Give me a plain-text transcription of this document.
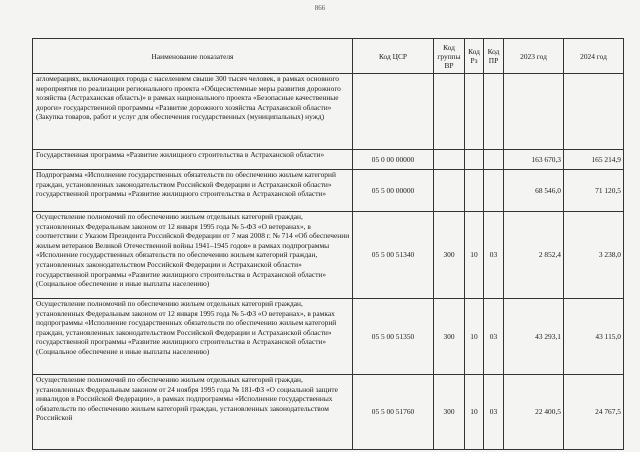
866
Наименование показателя	Код ЦСР	Код группы ВР	Код Рз	Код ПР	2023 год	2024 год
агломерациях, включающих города с населением свыше 300 тысяч человек, в рамках основного мероприятия по реализации регионального проекта «Общесистемные меры развития дорожного хозяйства (Астраханская область)» в рамках национального проекта «Безопасные качественные дороги» государственной программы «Развитие дорожного хозяйства Астраханской области» (Закупка товаров, работ и услуг для обеспечения государственных (муниципальных) нужд)						
Государственная программа «Развитие жилищного строительства в Астраханской области»	05 0 00 00000				163 670,3	165 214,9
Подпрограмма «Исполнение государственных обязательств по обеспечению жильем категорий граждан, установленных законодательством Российской Федерации и Астраханской области» государственной программы «Развитие жилищного строительства в Астраханской области»	05 5 00 00000				68 546,0	71 120,5
Осуществление полномочий по обеспечению жильем отдельных категорий граждан, установленных Федеральным законом от 12 января 1995 года № 5-ФЗ «О ветеранах», в соответствии с Указом Президента Российской Федерации от 7 мая 2008 г. № 714 «Об обеспечении жильем ветеранов Великой Отечественной войны 1941–1945 годов» в рамках подпрограммы «Исполнение государственных обязательств по обеспечению жильем категорий граждан, установленных законодательством Российской Федерации и Астраханской области» государственной программы «Развитие жилищного строительства в Астраханской области» (Социальное обеспечение и иные выплаты населению)	05 5 00 51340	300	10	03	2 852,4	3 238,0
Осуществление полномочий по обеспечению жильем отдельных категорий граждан, установленных Федеральным законом от 12 января 1995 года № 5-ФЗ «О ветеранах», в рамках подпрограммы «Исполнение государственных обязательств по обеспечению жильем категорий граждан, установленных законодательством Российской Федерации и Астраханской области» государственной программы «Развитие жилищного строительства в Астраханской области» (Социальное обеспечение и иные выплаты населению)	05 5 00 51350	300	10	03	43 293,1	43 115,0
Осуществление полномочий по обеспечению жильем отдельных категорий граждан, установленных Федеральным законом от 24 ноября 1995 года № 181-ФЗ «О социальной защите инвалидов в Российской Федерации», в рамках подпрограммы «Исполнение государственных обязательств по обеспечению жильем категорий граждан, установленных законодательством Российской	05 5 00 51760	300	10	03	22 400,5	24 767,5
